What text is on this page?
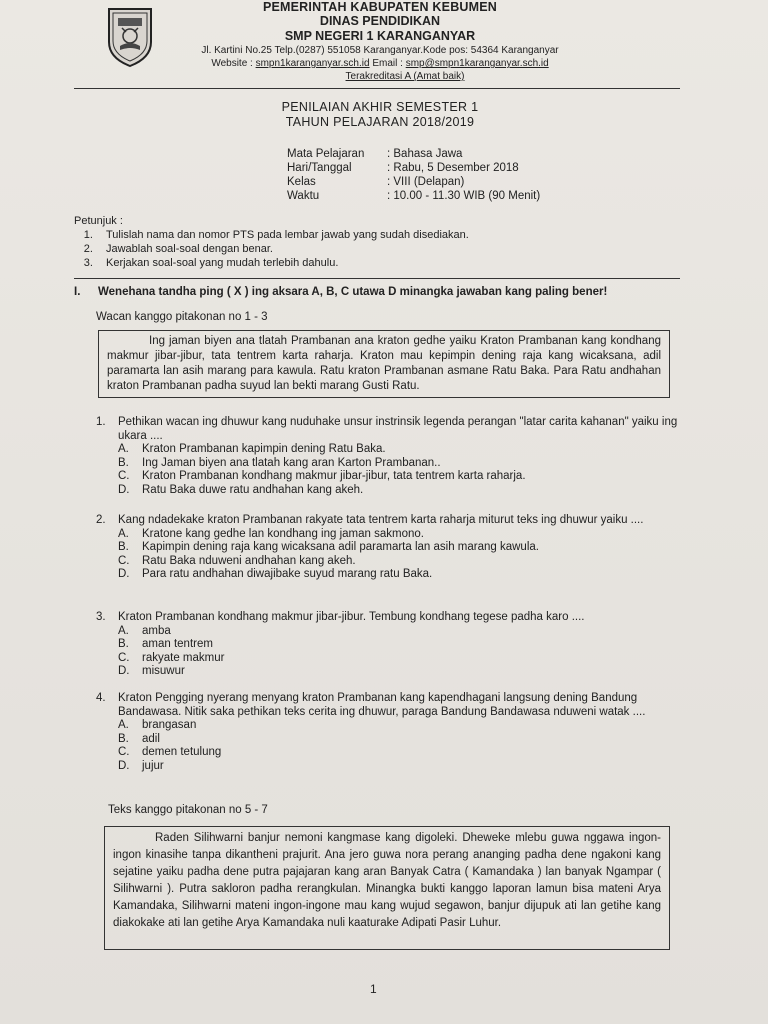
PEMERINTAH KABUPATEN KEBUMEN
DINAS PENDIDIKAN
SMP NEGERI 1 KARANGANYAR
Jl. Kartini No.25 Telp.(0287) 551058 Karanganyar.Kode pos: 54364 Karanganyar
Website : smpn1karanganyar.sch.id Email : smp@smpn1karanganyar.sch.id
Terakreditasi A (Amat baik)
PENILAIAN AKHIR SEMESTER 1
TAHUN PELAJARAN 2018/2019
Mata Pelajaran	: Bahasa Jawa
Hari/Tanggal	: Rabu, 5 Desember 2018
Kelas	: VIII (Delapan)
Waktu	: 10.00 - 11.30 WIB (90 Menit)
Petunjuk :
1. Tulislah nama dan nomor PTS pada lembar jawab yang sudah disediakan.
2. Jawablah soal-soal dengan benar.
3. Kerjakan soal-soal yang mudah terlebih dahulu.
I. Wenehana tandha ping ( X ) ing aksara A, B, C utawa D minangka jawaban kang paling bener!
Wacan kanggo pitakonan no 1 - 3

Ing jaman biyen ana tlatah Prambanan ana kraton gedhe yaiku Kraton Prambanan kang kondhang makmur jibar-jibur, tata tentrem karta raharja. Kraton mau kepimpin dening raja kang wicaksana, adil paramarta lan asih marang para kawula. Ratu kraton Prambanan asmane Ratu Baka. Para Ratu andhahan kraton Prambanan padha suyud lan bekti marang Gusti Ratu.

1.	Pethikan wacan ing dhuwur kang nuduhake unsur instrinsik legenda perangan "latar carita kahanan" yaiku ing ukara ....
A.	Kraton Prambanan kapimpin dening Ratu Baka.
B.	Ing Jaman biyen ana tlatah kang aran Karton Prambanan..
C.	Kraton Prambanan kondhang makmur jibar-jibur, tata tentrem karta raharja.
D.	Ratu Baka duwe ratu andhahan kang akeh.
2.	Kang ndadekake kraton Prambanan rakyate tata tentrem karta raharja miturut teks ing dhuwur yaiku ....
A.	Kratone kang gedhe lan kondhang ing jaman sakmono.
B.	Kapimpin dening raja kang wicaksana adil paramarta lan asih marang kawula.
C.	Ratu Baka nduweni andhahan kang akeh.
D.	Para ratu andhahan diwajibake suyud marang ratu Baka.
3.	Kraton Prambanan kondhang makmur jibar-jibur. Tembung kondhang tegese padha karo ....
A.	amba
B.	aman tentrem
C.	rakyate makmur
D.	misuwur
4.	Kraton Pengging nyerang menyang kraton Prambanan kang kapendhagani langsung dening Bandung Bandawasa. Nitik saka pethikan teks cerita ing dhuwur, paraga Bandung Bandawasa nduweni watak ....
A.	brangasan
B.	adil
C.	demen tetulung
D.	jujur
Teks kanggo pitakonan no 5 - 7

Raden Silihwarni banjur nemoni kangmase kang digoleki. Dheweke mlebu guwa nggawa ingon-ingon kinasihe tanpa dikantheni prajurit. Ana jero guwa nora perang ananging padha dene ngakoni kang sejatine yaiku padha dene putra pajajaran kang aran Banyak Catra ( Kamandaka ) lan banyak Ngampar ( Silihwarni ). Putra sakloron padha rerangkulan. Minangka bukti kanggo laporan lamun bisa mateni Arya Kamandaka, Silihwarni mateni ingon-ingone mau kang wujud segawon, banjur dijupuk ati lan getihe kang diakokake ati lan getihe Arya Kamandaka nuli kaaturake Adipati Pasir Luhur.

1
